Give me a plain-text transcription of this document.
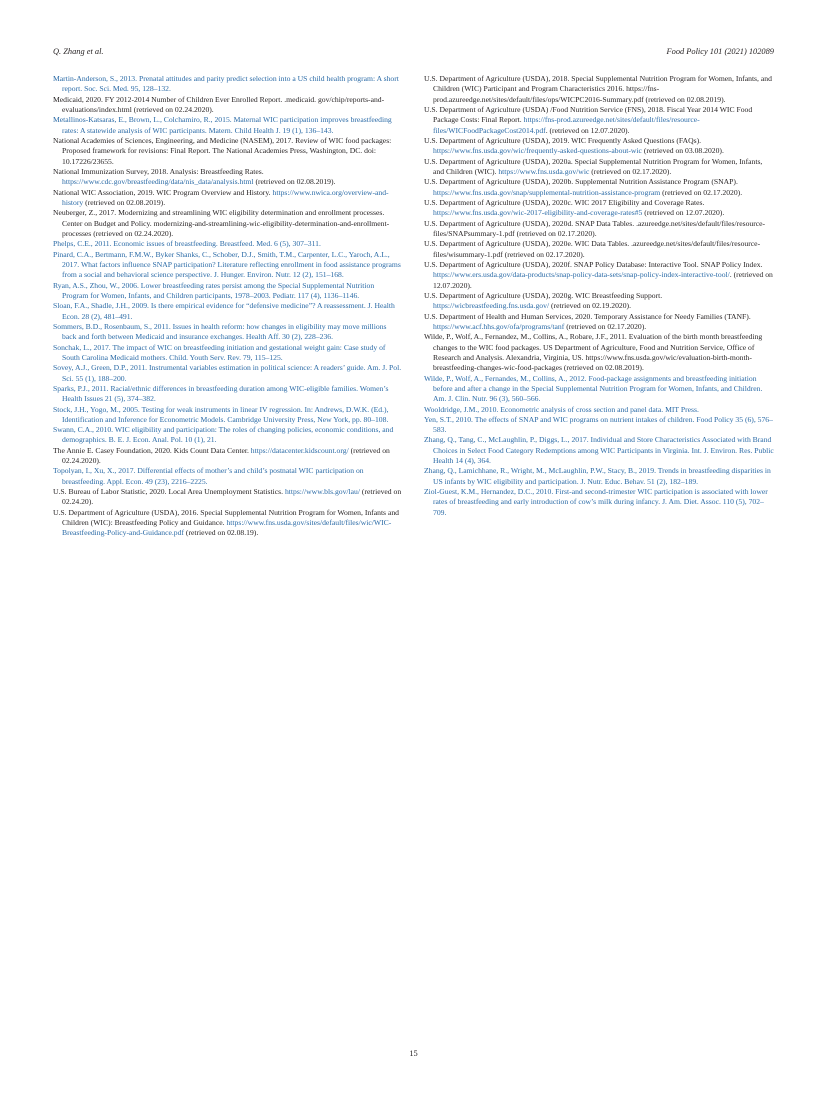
Q. Zhang et al.	Food Policy 101 (2021) 102089

Martin-Anderson, S., 2013. Prenatal attitudes and parity predict selection into a US child health program: A short report. Soc. Sci. Med. 95, 128–132.

Medicaid, 2020. FY 2012-2014 Number of Children Ever Enrolled Report. .medicaid. gov/chip/reports-and-evaluations/index.html (retrieved on 02.24.2020).

Metallinos-Katsaras, E., Brown, L., Colchamiro, R., 2015. Maternal WIC participation improves breastfeeding rates: A statewide analysis of WIC participants. Matern. Child Health J. 19 (1), 136–143.

National Academies of Sciences, Engineering, and Medicine (NASEM), 2017. Review of WIC food packages: Proposed framework for revisions: Final Report. The National Academies Press, Washington, DC. doi: 10.17226/23655.

National Immunization Survey, 2018. Analysis: Breastfeeding Rates. https://www.cdc.gov/breastfeeding/data/nis_data/analysis.html (retrieved on 02.08.2019).

National WIC Association, 2019. WIC Program Overview and History. https://www.nwica.org/overview-and-history (retrieved on 02.08.2019).

Neuberger, Z., 2017. Modernizing and streamlining WIC eligibility determination and enrollment processes. Center on Budget and Policy. modernizing-and-streamlining-wic-eligibility-determination-and-enrollment-processes (retrieved on 02.24.2020).

Phelps, C.E., 2011. Economic issues of breastfeeding. Breastfeed. Med. 6 (5), 307–311.

Pinard, C.A., Bertmann, F.M.W., Byker Shanks, C., Schober, D.J., Smith, T.M., Carpenter, L.C., Yaroch, A.L., 2017. What factors influence SNAP participation? Literature reflecting enrollment in food assistance programs from a social and behavioral science perspective. J. Hunger. Environ. Nutr. 12 (2), 151–168.

Ryan, A.S., Zhou, W., 2006. Lower breastfeeding rates persist among the Special Supplemental Nutrition Program for Women, Infants, and Children participants, 1978–2003. Pediatr. 117 (4), 1136–1146.

Sloan, F.A., Shadle, J.H., 2009. Is there empirical evidence for “defensive medicine”? A reassessment. J. Health Econ. 28 (2), 481–491.

Sommers, B.D., Rosenbaum, S., 2011. Issues in health reform: how changes in eligibility may move millions back and forth between Medicaid and insurance exchanges. Health Aff. 30 (2), 228–236.

Sonchak, L., 2017. The impact of WIC on breastfeeding initiation and gestational weight gain: Case study of South Carolina Medicaid mothers. Child. Youth Serv. Rev. 79, 115–125.

Sovey, A.J., Green, D.P., 2011. Instrumental variables estimation in political science: A readers’ guide. Am. J. Pol. Sci. 55 (1), 188–200.

Sparks, P.J., 2011. Racial/ethnic differences in breastfeeding duration among WIC-eligible families. Women’s Health Issues 21 (5), 374–382.

Stock, J.H., Yogo, M., 2005. Testing for weak instruments in linear IV regression. In: Andrews, D.W.K. (Ed.), Identification and Inference for Econometric Models. Cambridge University Press, New York, pp. 80–108.

Swann, C.A., 2010. WIC eligibility and participation: The roles of changing policies, economic conditions, and demographics. B. E. J. Econ. Anal. Pol. 10 (1), 21.

The Annie E. Casey Foundation, 2020. Kids Count Data Center. https://datacenter.kidscount.org/ (retrieved on 02.24.2020).

Topolyan, I., Xu, X., 2017. Differential effects of mother’s and child’s postnatal WIC participation on breastfeeding. Appl. Econ. 49 (23), 2216–2225.

U.S. Bureau of Labor Statistic, 2020. Local Area Unemployment Statistics. https://www.bls.gov/lau/ (retrieved on 02.24.20).

U.S. Department of Agriculture (USDA), 2016. Special Supplemental Nutrition Program for Women, Infants and Children (WIC): Breastfeeding Policy and Guidance. https://www.fns.usda.gov/sites/default/files/wic/WIC-Breastfeeding-Policy-and-Guidance.pdf (retrieved on 02.08.19).

U.S. Department of Agriculture (USDA), 2018. Special Supplemental Nutrition Program for Women, Infants, and Children (WIC) Participant and Program Characteristics 2016. https://fns-prod.azureedge.net/sites/default/files/ops/WICPC2016-Summary.pdf (retrieved on 02.08.2019).

U.S. Department of Agriculture (USDA) /Food Nutrition Service (FNS), 2018. Fiscal Year 2014 WIC Food Package Costs: Final Report. https://fns-prod.azureedge.net/sites/default/files/resource-files/WICFoodPackageCost2014.pdf. (retrieved on 12.07.2020).

U.S. Department of Agriculture (USDA), 2019. WIC Frequently Asked Questions (FAQs). https://www.fns.usda.gov/wic/frequently-asked-questions-about-wic (retrieved on 03.08.2020).

U.S. Department of Agriculture (USDA), 2020a. Special Supplemental Nutrition Program for Women, Infants, and Children (WIC). https://www.fns.usda.gov/wic (retrieved on 02.17.2020).

U.S. Department of Agriculture (USDA), 2020b. Supplemental Nutrition Assistance Program (SNAP). https://www.fns.usda.gov/snap/supplemental-nutrition-assistance-program (retrieved on 02.17.2020).

U.S. Department of Agriculture (USDA), 2020c. WIC 2017 Eligibility and Coverage Rates. https://www.fns.usda.gov/wic-2017-eligibility-and-coverage-rates#5 (retrieved on 12.07.2020).

U.S. Department of Agriculture (USDA), 2020d. SNAP Data Tables. .azureedge.net/sites/default/files/resource-files/SNAPsummary-1.pdf (retrieved on 02.17.2020).

U.S. Department of Agriculture (USDA), 2020e. WIC Data Tables. .azureedge.net/sites/default/files/resource-files/wisummary-1.pdf (retrieved on 02.17.2020).

U.S. Department of Agriculture (USDA), 2020f. SNAP Policy Database: Interactive Tool. SNAP Policy Index. https://www.ers.usda.gov/data-products/snap-policy-data-sets/snap-policy-index-interactive-tool/. (retrieved on 12.07.2020).

U.S. Department of Agriculture (USDA), 2020g. WIC Breastfeeding Support. https://wicbreastfeeding.fns.usda.gov/ (retrieved on 02.19.2020).

U.S. Department of Health and Human Services, 2020. Temporary Assistance for Needy Families (TANF). https://www.acf.hhs.gov/ofa/programs/tanf (retrieved on 02.17.2020).

Wilde, P., Wolf, A., Fernandez, M., Collins, A., Robare, J.F., 2011. Evaluation of the birth month breastfeeding changes to the WIC food packages. US Department of Agriculture, Food and Nutrition Service, Office of Research and Analysis. Alexandria, Virginia, US. https://www.fns.usda.gov/wic/evaluation-birth-month-breastfeeding-changes-wic-food-packages (retrieved on 02.08.2019).

Wilde, P., Wolf, A., Fernandes, M., Collins, A., 2012. Food-package assignments and breastfeeding initiation before and after a change in the Special Supplemental Nutrition Program for Women, Infants, and Children. Am. J. Clin. Nutr. 96 (3), 560–566.

Wooldridge, J.M., 2010. Econometric analysis of cross section and panel data. MIT Press.

Yen, S.T., 2010. The effects of SNAP and WIC programs on nutrient intakes of children. Food Policy 35 (6), 576–583.

Zhang, Q., Tang, C., McLaughlin, P., Diggs, L., 2017. Individual and Store Characteristics Associated with Brand Choices in Select Food Category Redemptions among WIC Participants in Virginia. Int. J. Environ. Res. Public Health 14 (4), 364.

Zhang, Q., Lamichhane, R., Wright, M., McLaughlin, P.W., Stacy, B., 2019. Trends in breastfeeding disparities in US infants by WIC eligibility and participation. J. Nutr. Educ. Behav. 51 (2), 182–189.

Ziol-Guest, K.M., Hernandez, D.C., 2010. First-and second-trimester WIC participation is associated with lower rates of breastfeeding and early introduction of cow’s milk during infancy. J. Am. Diet. Assoc. 110 (5), 702–709.

15
